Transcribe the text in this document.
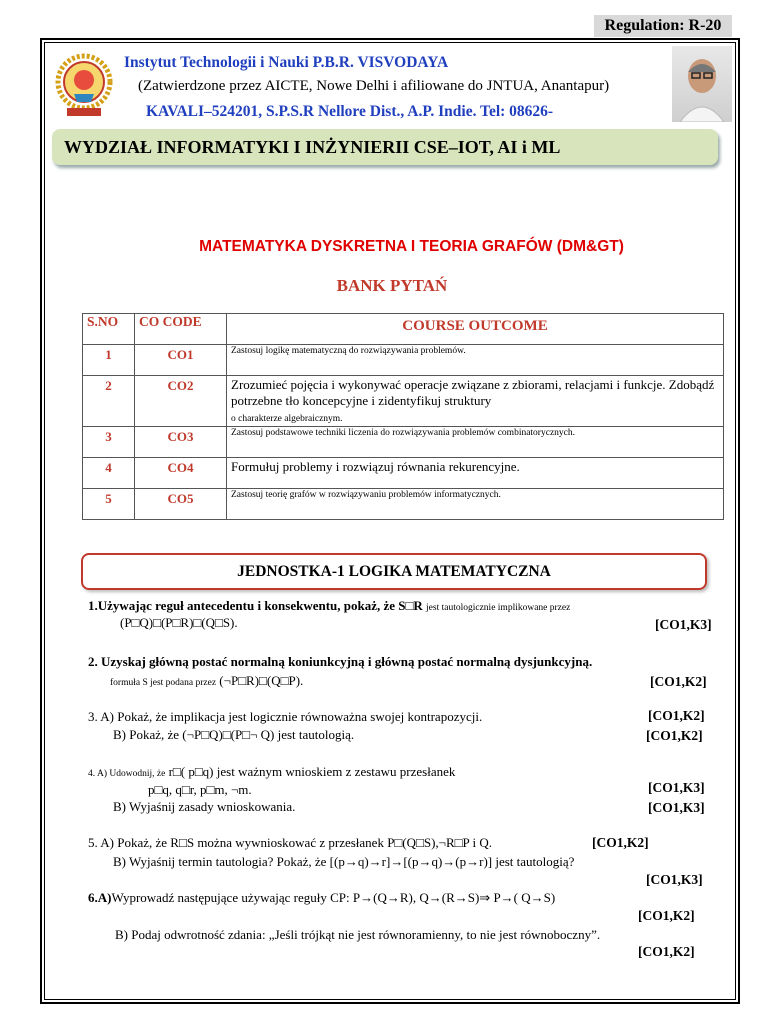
Regulation: R-20
Instytut Technologii i Nauki P.B.R. VISVODAYA
(Zatwierdzone przez AICTE, Nowe Delhi i afiliowane do JNTUA, Anantapur)
KAVALI–524201, S.P.S.R Nellore Dist., A.P. Indie. Tel: 08626-
WYDZIAŁ INFORMATYKI I INŻYNIERII CSE–IOT, AI i ML
MATEMATYKA DYSKRETNA I TEORIA GRAFÓW (DM&GT)
BANK PYTAŃ
S.NO	CO CODE	COURSE OUTCOME
1	CO1	Zastosuj logikę matematyczną do rozwiązywania problemów.
2	CO2	Zrozumieć pojęcia i wykonywać operacje związane z zbiorami, relacjami i funkcje. Zdobądź potrzebne tło koncepcyjne i zidentyfikuj struktury
o charakterze algebraicznym.
3	CO3	Zastosuj podstawowe techniki liczenia do rozwiązywania problemów combinatorycznych.
4	CO4	Formułuj problemy i rozwiązuj równania rekurencyjne.
5	CO5	Zastosuj teorię grafów w rozwiązywaniu problemów informatycznych.
JEDNOSTKA-1 LOGIKA MATEMATYCZNA
1.Używając reguł antecedentu i konsekwentu, pokaż, że S□R jest tautologicznie implikowane przez
(P□Q)□(P□R)□(Q□S).	[CO1,K3]
2. Uzyskaj główną postać normalną koniunkcyjną i główną postać normalną dysjunkcyjną.
formuła S jest podana przez (¬P□R)□(Q□P).	[CO1,K2]
3. A) Pokaż, że implikacja jest logicznie równoważna swojej kontrapozycji.	[CO1,K2]
B) Pokaż, że (¬P□Q)□(P□¬ Q) jest tautologią.	[CO1,K2]
4. A) Udowodnij, że r□( p□q) jest ważnym wnioskiem z zestawu przesłanek
p□q, q□r, p□m, ¬m.	[CO1,K3]
B) Wyjaśnij zasady wnioskowania.	[CO1,K3]
5. A) Pokaż, że R□S można wywnioskować z przesłanek P□(Q□S),¬R□P i Q.	[CO1,K2]
B) Wyjaśnij termin tautologia? Pokaż, że [(p→q)→r]→[(p→q)→(p→r)] jest tautologią?
[CO1,K3]
6.A)Wyprowadź następujące używając reguły CP: P→(Q→R), Q→(R→S)⇒ P→( Q→S)
[CO1,K2]
B) Podaj odwrotność zdania: „Jeśli trójkąt nie jest równoramienny, to nie jest równoboczny”.
[CO1,K2]
